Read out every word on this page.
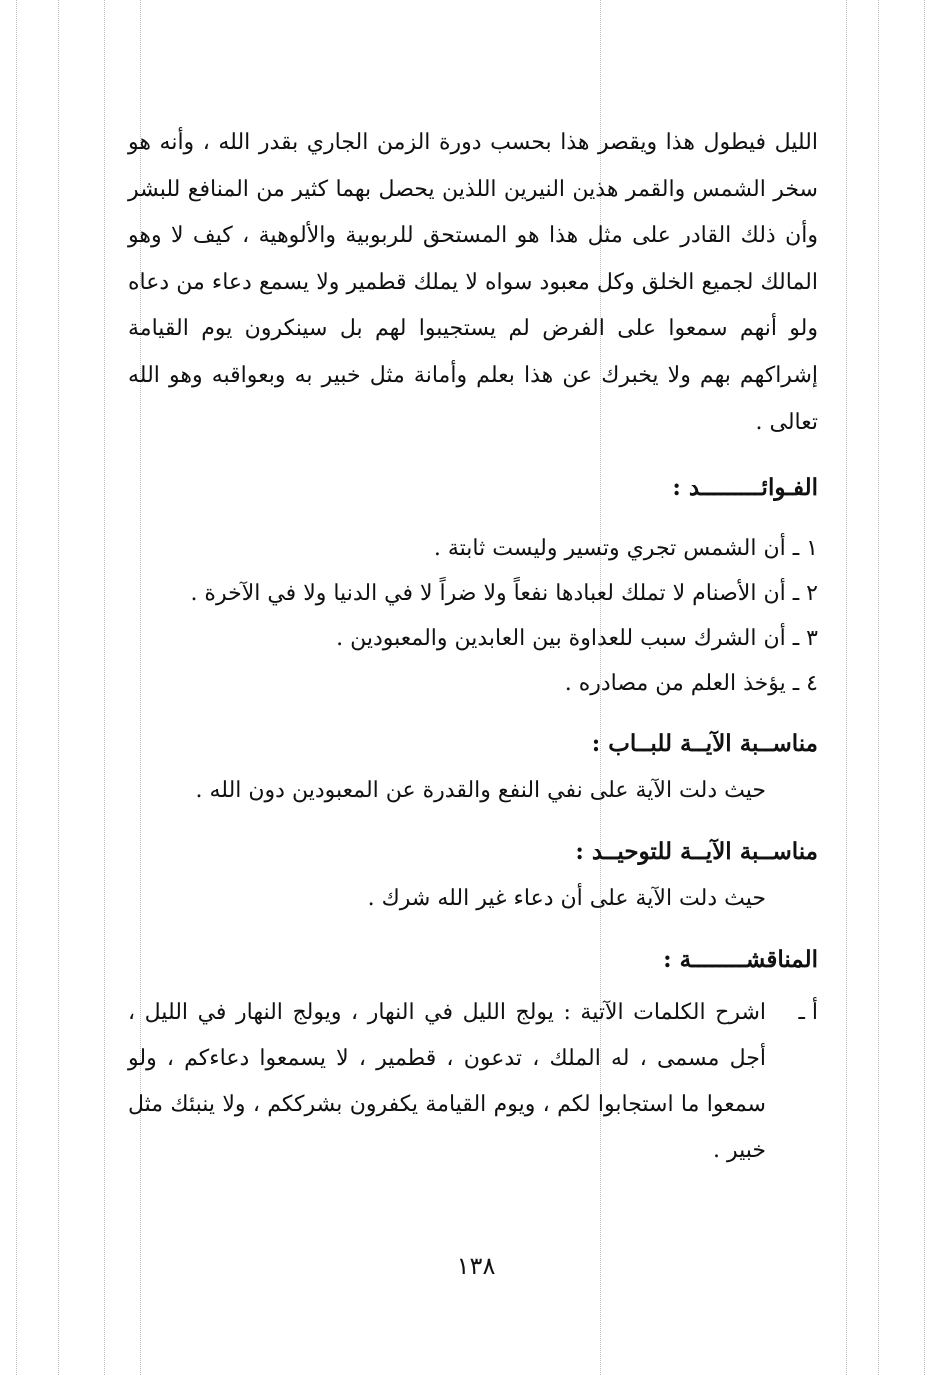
الليل فيطول هذا ويقصر هذا بحسب دورة الزمن الجاري بقدر الله ، وأنه هو سخر الشمس والقمر هذين النيرين اللذين يحصل بهما كثير من المنافع للبشر وأن ذلك القادر على مثل هذا هو المستحق للربوبية والألوهية ، كيف لا وهو المالك لجميع الخلق وكل معبود سواه لا يملك قطمير ولا يسمع دعاء من دعاه ولو أنهم سمعوا على الفرض لم يستجيبوا لهم بل سينكرون يوم القيامة إشراكهم بهم ولا يخبرك عن هذا بعلم وأمانة مثل خبير به وبعواقبه وهو الله تعالى .

الفـوائـــــــــد :
١ ـ أن الشمس تجري وتسير وليست ثابتة .
٢ ـ أن الأصنام لا تملك لعبادها نفعاً ولا ضراً لا في الدنيا ولا في الآخرة .
٣ ـ أن الشرك سبب للعداوة بين العابدين والمعبودين .
٤ ـ يؤخذ العلم من مصادره .
مناســبة الآيــة للبــاب :

حيث دلت الآية على نفي النفع والقدرة عن المعبودين دون الله .

مناســبة الآيــة للتوحيــد :

حيث دلت الآية على أن دعاء غير الله شرك .

المناقشــــــــة :
أ ـ
اشرح الكلمات الآتية : يولج الليل في النهار ، ويولج النهار في الليل ، أجل مسمى ، له الملك ، تدعون ، قطمير ، لا يسمعوا دعاءكم ، ولو سمعوا ما استجابوا لكم ، ويوم القيامة يكفرون بشرككم ، ولا ينبئك مثل خبير .
١٣٨
